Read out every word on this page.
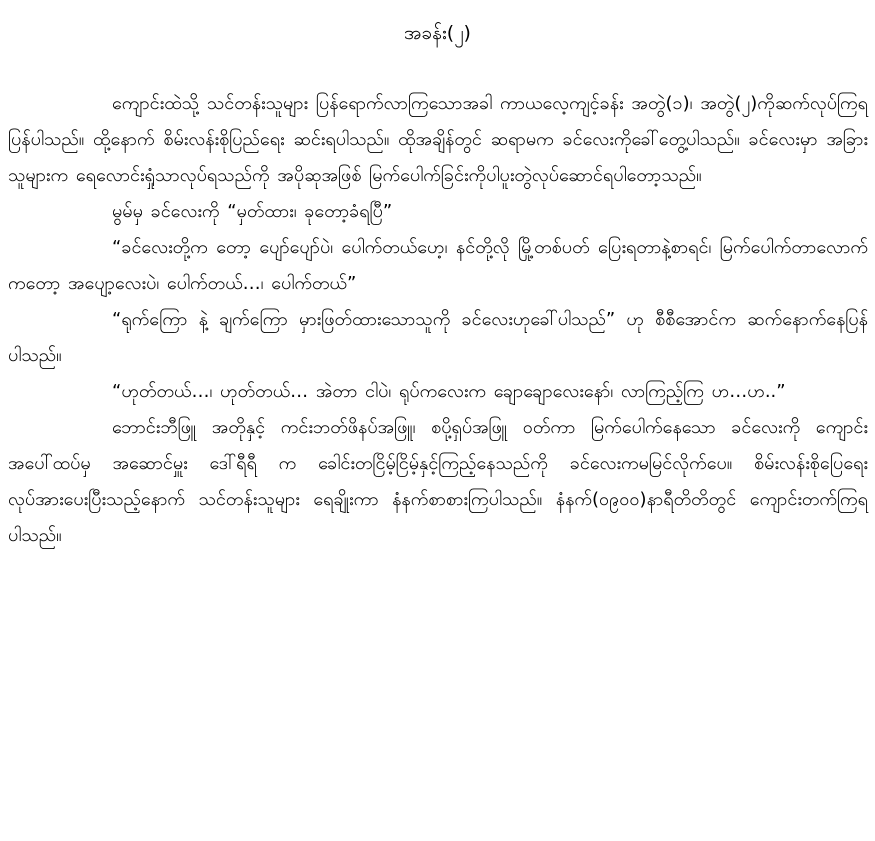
အခန်း(၂)

ကျောင်းထဲသို့ သင်တန်းသူများ ပြန်ရောက်လာကြသောအခါ ကာယလေ့ကျင့်ခန်း အတွဲ(၁)၊ အတွဲ(၂)ကိုဆက်လုပ်ကြရပြန်ပါသည်။ ထို့နောက် စိမ်းလန်းစိုပြည်ရေး ဆင်းရပါသည်။ ထိုအချိန်တွင် ဆရာမက ခင်လေးကိုခေါ်တွေ့ပါသည်။ ခင်လေးမှာ အခြားသူများက ရေလောင်းရှုံသာလုပ်ရသည်ကို အပိုဆုအဖြစ် မြက်ပေါက်ခြင်းကိုပါပူးတွဲလုပ်ဆောင်ရပါတော့သည်။

မွမ်မှ ခင်လေးကို “မှတ်ထား၊ ခုတော့ခံရပြီ”

“ခင်လေးတို့က တော့ ပျော်ပျော်ပဲ၊ ပေါက်တယ်ဟေ့၊ နင်တို့လို မြို့တစ်ပတ် ပြေးရတာနဲ့စာရင်၊ မြက်ပေါက်တာလောက်ကတော့ အပျော့လေးပဲ၊ ပေါက်တယ်…၊ ပေါက်တယ်”

“ရုက်ကြော နဲ့ ချက်ကြော မှားဖြတ်ထားသောသူကို ခင်လေးဟုခေါ်ပါသည်” ဟု စီစီအောင်က ဆက်နောက်နေပြန်ပါသည်။

“ဟုတ်တယ်…၊ ဟုတ်တယ်… အဲတာ ငါပဲ၊ ရုပ်ကလေးက ချောချောလေးနော်၊ လာကြည့်ကြ ဟ…ဟ..”

ဘောင်းဘီဖြူ အတိုနှင့် ကင်းဘတ်ဖိနပ်အဖြူ၊ စပို့ရှပ်အဖြူ ဝတ်ကာ မြက်ပေါက်နေသော ခင်လေးကို ကျောင်းအပေါ်ထပ်မှ အဆောင်မှူး ဒေါ်ရီရီ က ခေါင်းတငြိမ့်ငြိမ့်နှင့်ကြည့်နေသည်ကို ခင်လေးကမမြင်လိုက်ပေ။ စိမ်းလန်းစိုပြေရေး လုပ်အားပေးပြီးသည့်နောက် သင်တန်းသူများ ရေချိုးကာ နံနက်စာစားကြပါသည်။ နံနက်(၀၉၀၀)နာရီတိတိတွင် ကျောင်းတက်ကြရပါသည်။
